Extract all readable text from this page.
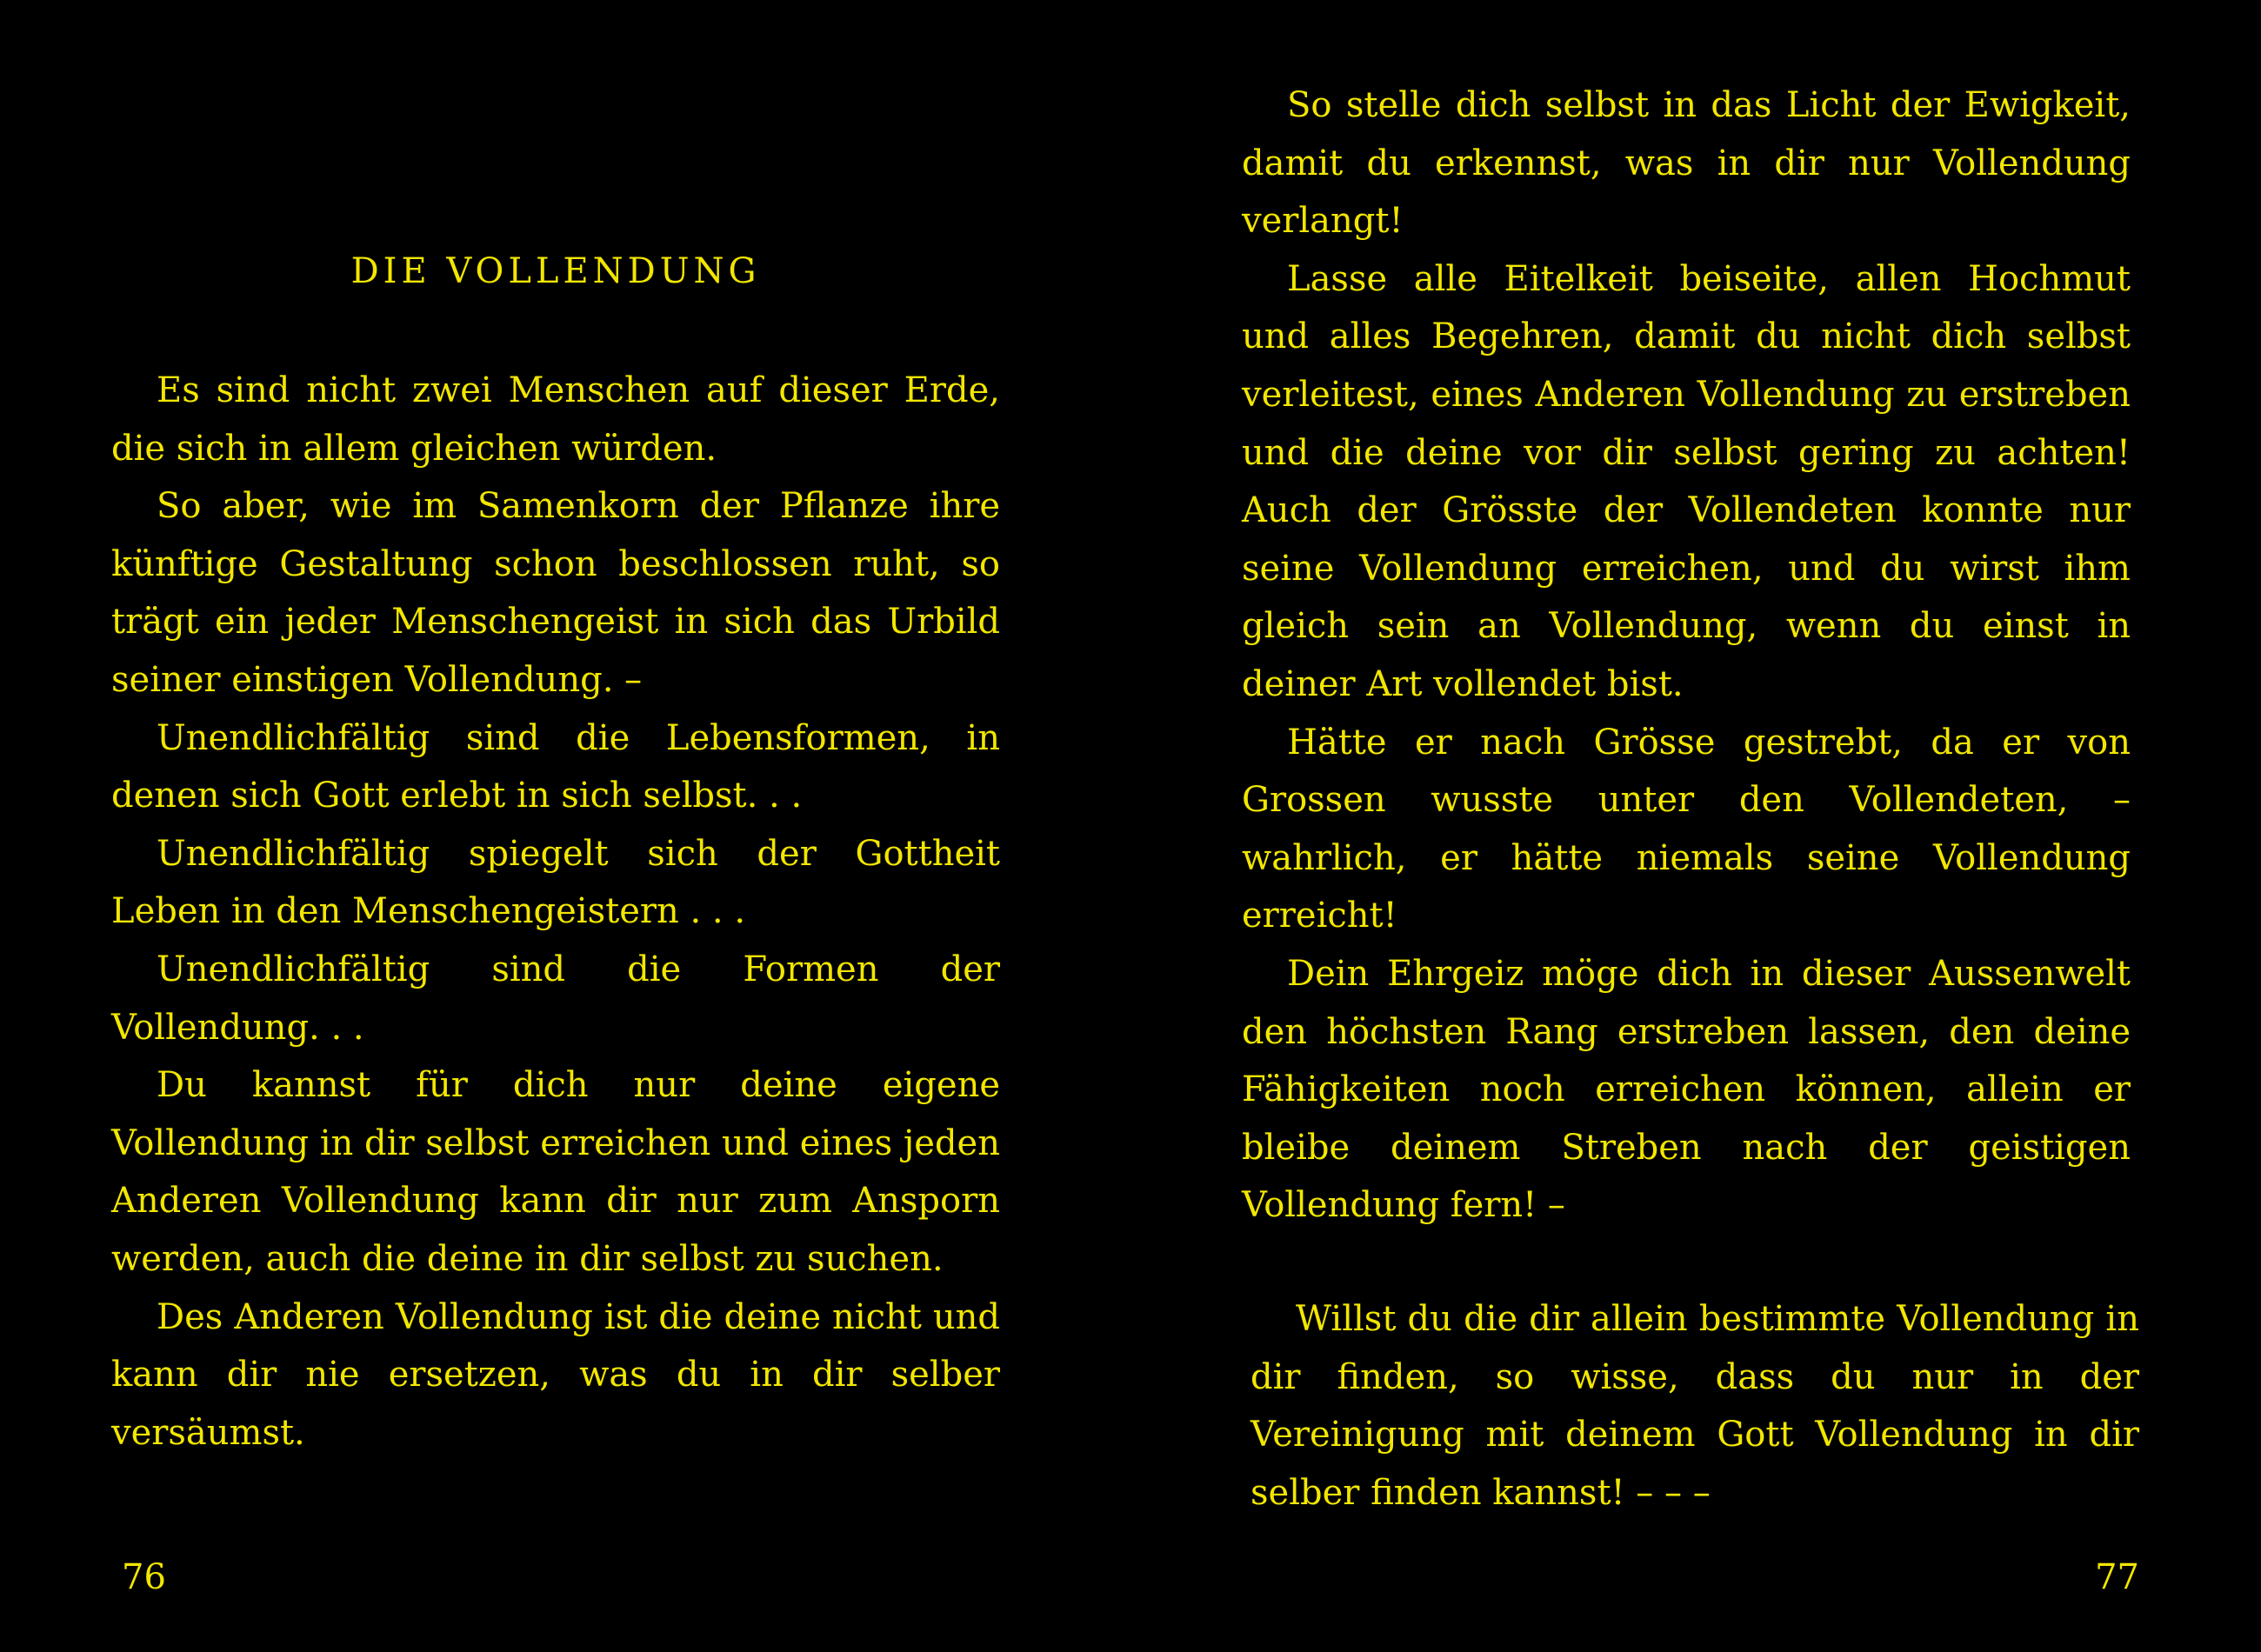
DIE VOLLENDUNG

Es sind nicht zwei Menschen auf dieser Erde, die sich in allem gleichen würden.

So aber, wie im Samenkorn der Pflanze ihre künftige Gestaltung schon beschlossen ruht, so trägt ein jeder Menschengeist in sich das Urbild seiner einstigen Vollendung. –

Unendlichfältig sind die Lebensformen, in denen sich Gott erlebt in sich selbst. . .

Unendlichfältig spiegelt sich der Gottheit Leben in den Menschengeistern . . .

Unendlichfältig sind die Formen der Vollendung. . .

Du kannst für dich nur deine eigene Vollendung in dir selbst erreichen und eines jeden Anderen Vollendung kann dir nur zum Ansporn werden, auch die deine in dir selbst zu suchen.

Des Anderen Vollendung ist die deine nicht und kann dir nie ersetzen, was du in dir selber versäumst.

76

So stelle dich selbst in das Licht der Ewigkeit, damit du erkennst, was in dir nur Vollendung verlangt!

Lasse alle Eitelkeit beiseite, allen Hochmut und alles Begehren, damit du nicht dich selbst verleitest, eines Anderen Vollendung zu erstreben und die deine vor dir selbst gering zu achten! Auch der Grösste der Vollendeten konnte nur seine Vollendung erreichen, und du wirst ihm gleich sein an Vollendung, wenn du einst in deiner Art vollendet bist.

Hätte er nach Grösse gestrebt, da er von Grossen wusste unter den Vollendeten, – wahrlich, er hätte niemals seine Vollendung erreicht!

Dein Ehrgeiz möge dich in dieser Aussenwelt den höchsten Rang erstreben lassen, den deine Fähigkeiten noch erreichen können, allein er bleibe deinem Streben nach der geistigen Vollendung fern! –

Willst du die dir allein bestimmte Vollendung in dir finden, so wisse, dass du nur in der Vereinigung mit deinem Gott Vollendung in dir selber finden kannst! – – –

77
